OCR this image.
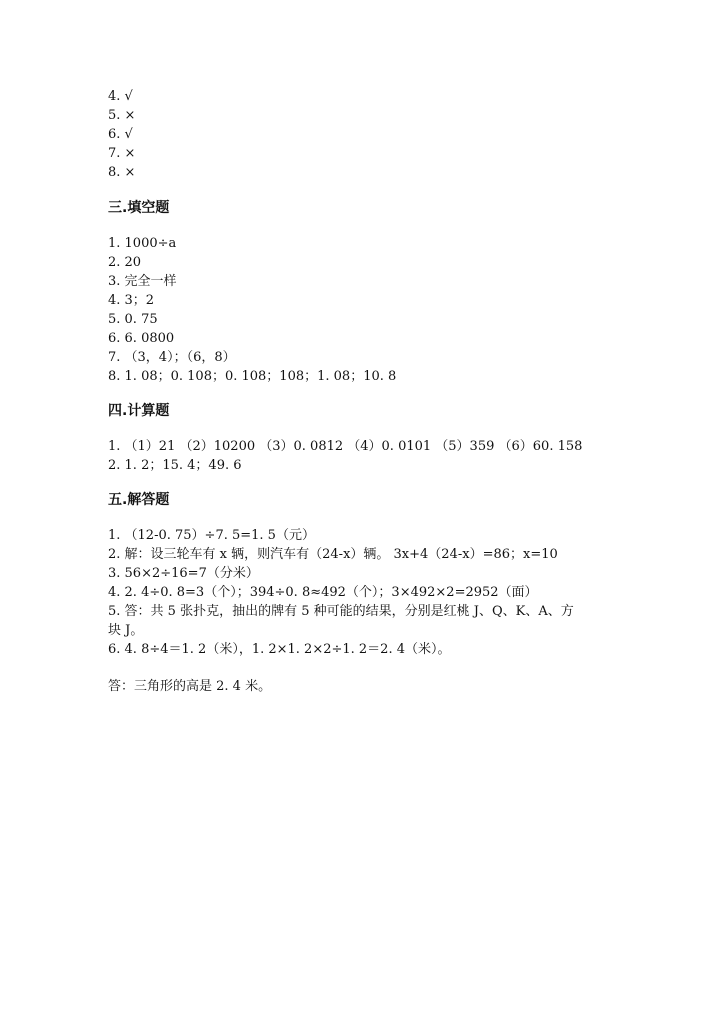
4. √
5. ×
6. √
7. ×
8. ×
三.填空题
1. 1000÷a
2. 20
3. 完全一样
4. 3；2
5. 0. 75
6. 6. 0800
7. （3，4）；（6，8）
8. 1. 08；0. 108；0. 108；108；1. 08；10. 8
四.计算题
1. （1）21 （2）10200 （3）0. 0812 （4）0. 0101 （5）359 （6）60. 158
2. 1. 2；15. 4；49. 6
五.解答题
1. （12-0. 75）÷7. 5=1. 5（元）
2. 解：设三轮车有 x 辆，则汽车有（24-x）辆。 3x+4（24-x）=86；x=10
3. 56×2÷16=7（分米）
4. 2. 4÷0. 8=3（个）；394÷0. 8≈492（个）；3×492×2=2952（面）
5. 答：共 5 张扑克，抽出的牌有 5 种可能的结果，分别是红桃 J、Q、K、A、方
块 J。
6. 4. 8÷4＝1. 2（米），1. 2×1. 2×2÷1. 2＝2. 4（米）。
答：三角形的高是 2. 4 米。
